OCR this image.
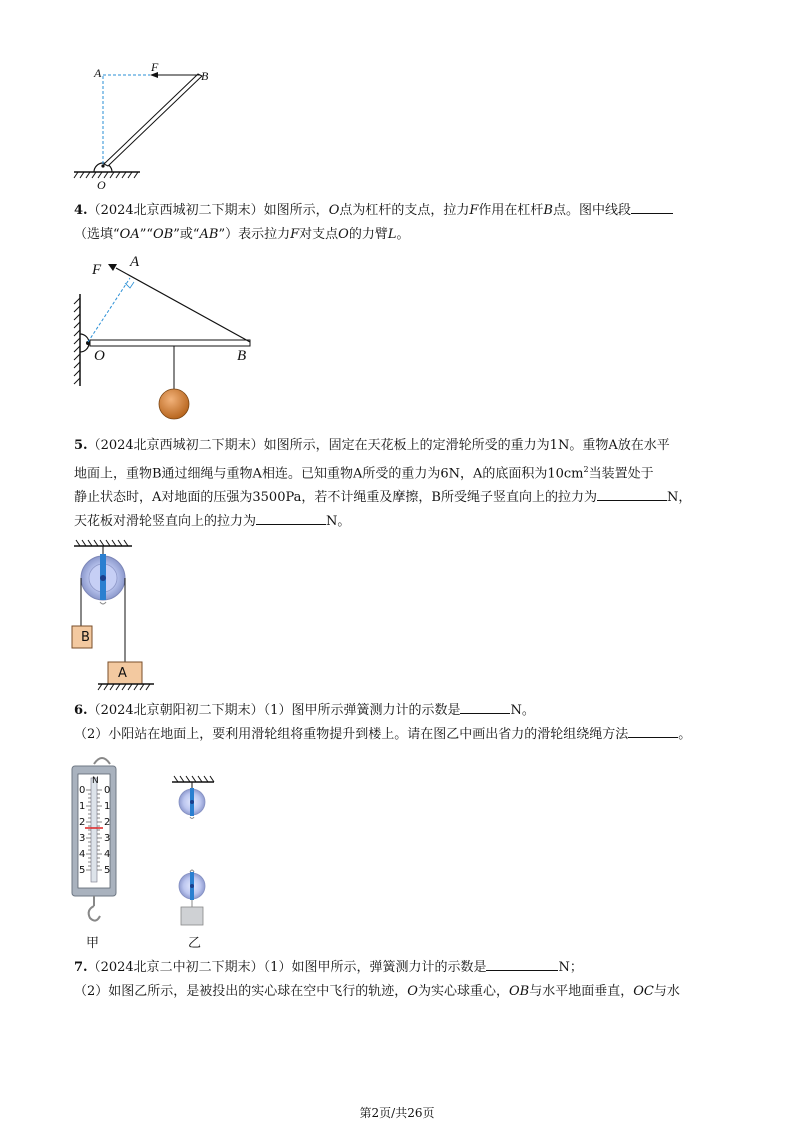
A	F
B
O
4.（2024北京西城初二下期末）如图所示，O点为杠杆的支点，拉力F作用在杠杆B点。图中线段
（选填“OA”“OB”或“AB”）表示拉力F对支点O的力臂L。
F A
O	B
5.（2024北京西城初二下期末）如图所示，固定在天花板上的定滑轮所受的重力为1N。重物A放在水平
地面上，重物B通过细绳与重物A相连。已知重物A所受的重力为6N，A的底面积为$10cm^2$当装置处于
静止状态时，A对地面的压强为3500Pa，若不计绳重及摩擦，B所受绳子竖直向上的拉力为	N，
天花板对滑轮竖直向上的拉力为	N。
B
A
6.（2024北京朝阳初二下期末）（1）图甲所示弹簧测力计的示数是	N。
（2）小阳站在地面上，要利用滑轮组将重物提升到楼上。请在图乙中画出省力的滑轮组绕绳方法	。
N
0
1
2
3
4
5
0
1
2
3
4
5
甲	乙
7.（2024北京二中初二下期末）（1）如图甲所示，弹簧测力计的示数是	N；
（2）如图乙所示，是被投出的实心球在空中飞行的轨迹，O为实心球重心，OB与水平地面垂直，OC与水
第2页/共26页
